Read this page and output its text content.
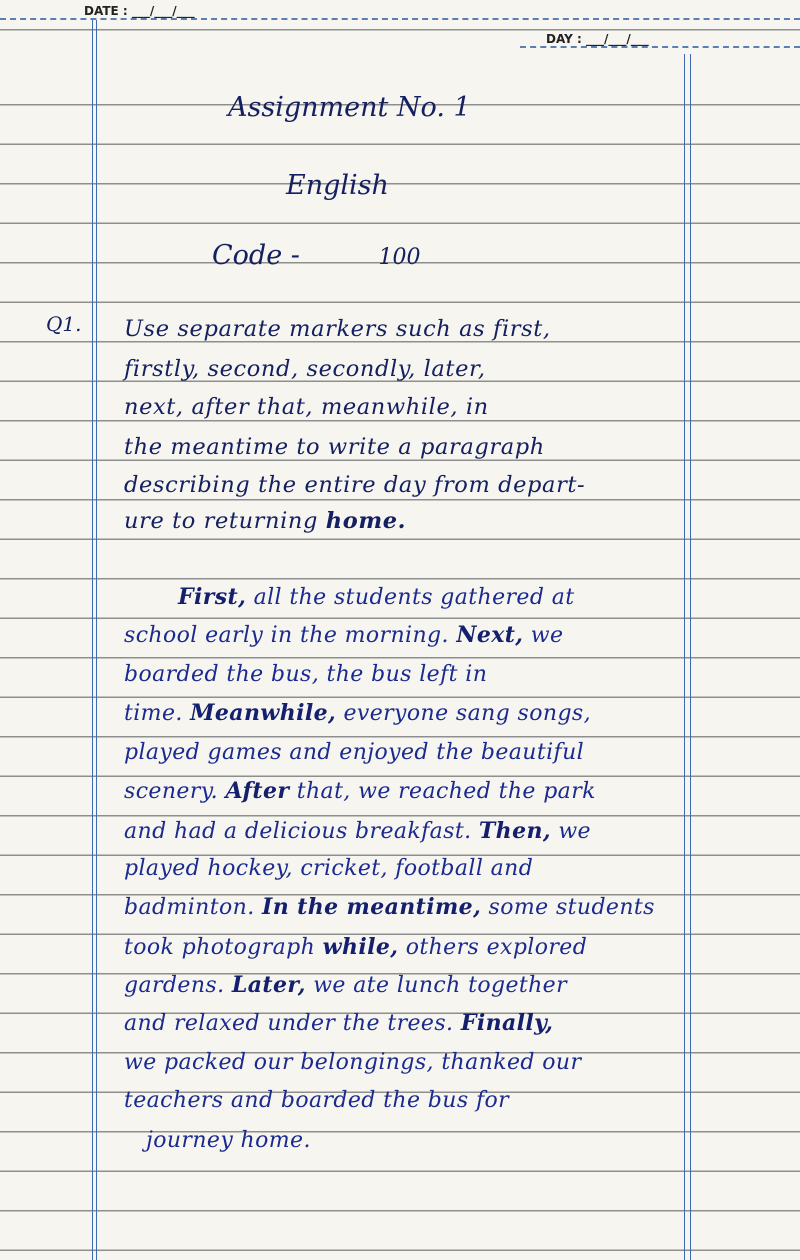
DATE : ___/___/___
DAY : ___/___/___
Assignment No. 1
English
Code -	100
Q1. Use separate markers such as first,
firstly, second, secondly, later,
next, after that, meanwhile, in
the meantime to write a paragraph
describing the entire day from depart-
ure to returning home.
First, all the students gathered at
school early in the morning. Next, we
boarded the bus, the bus left in
time. Meanwhile, everyone sang songs,
played games and enjoyed the beautiful
scenery. After that, we reached the park
and had a delicious breakfast. Then, we
played hockey, cricket, football and
badminton. In the meantime, some students
took photograph while, others explored
gardens. Later, we ate lunch together
and relaxed under the trees. Finally,
we packed our belongings, thanked our
teachers and boarded the bus for
journey home.
